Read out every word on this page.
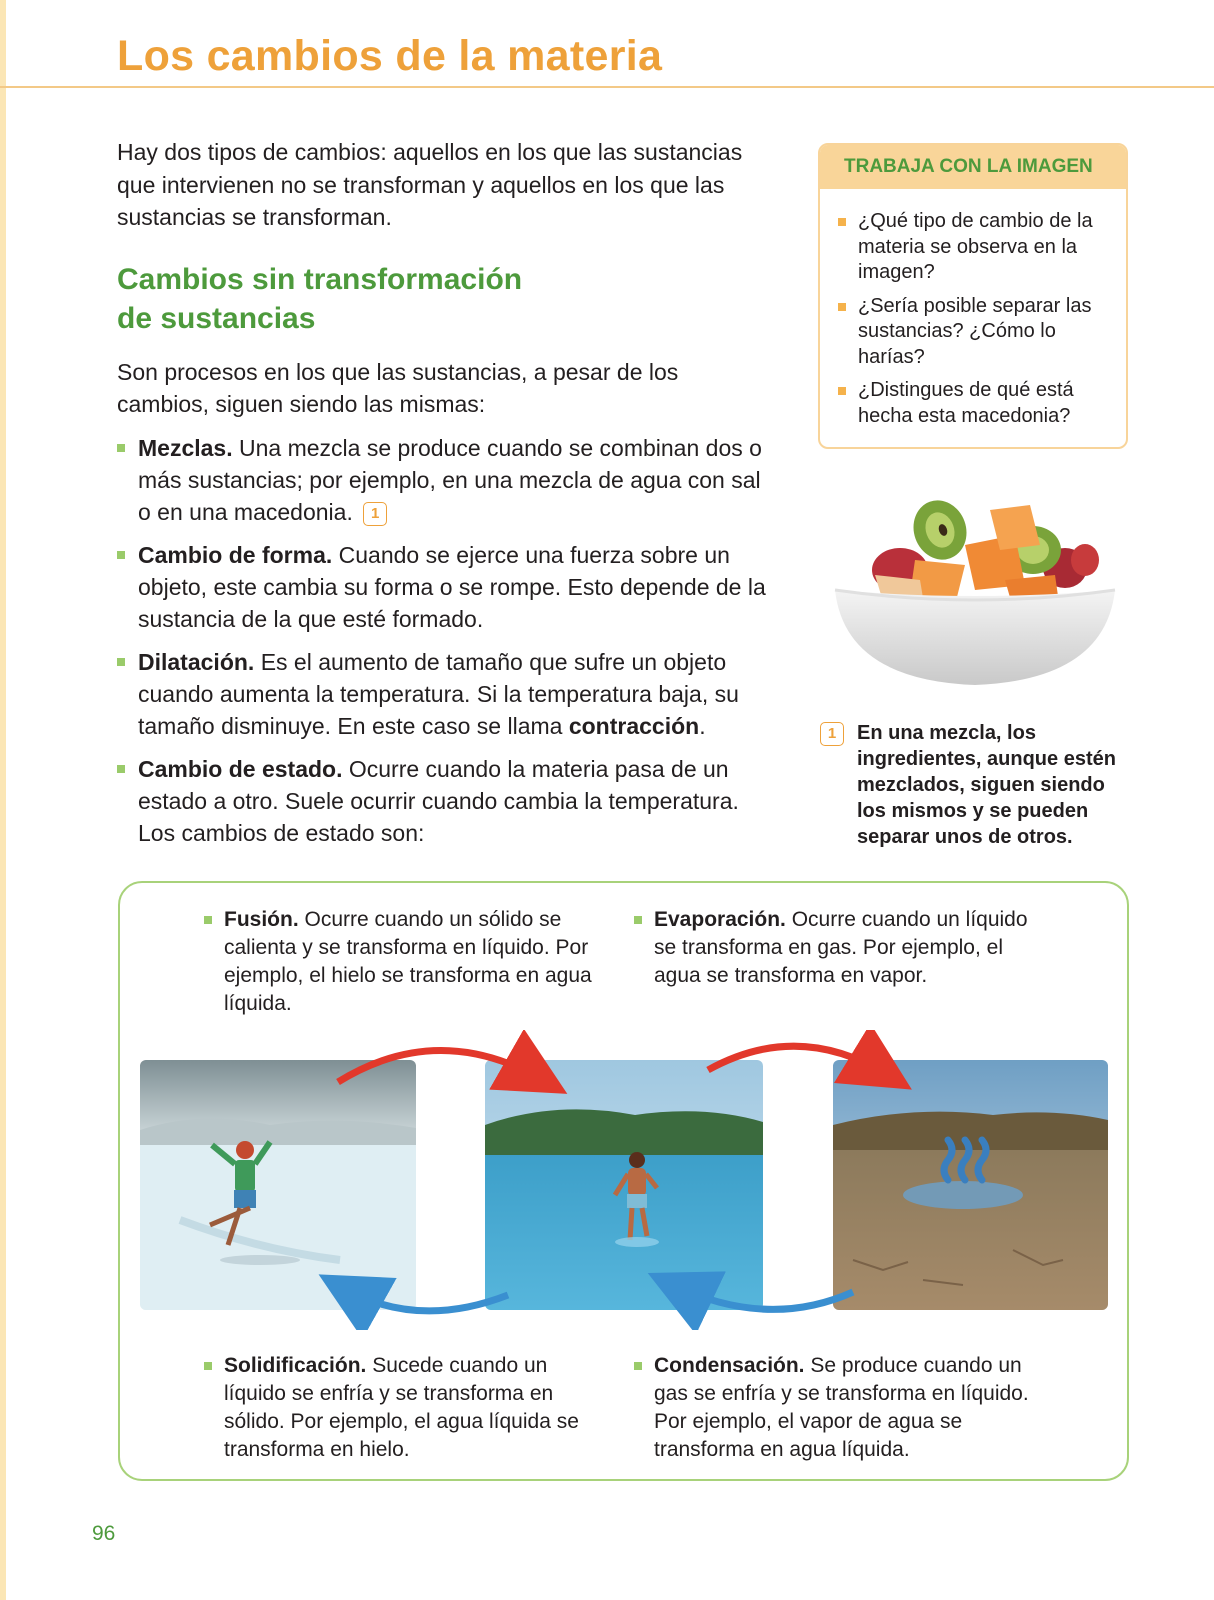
Los cambios de la materia

Hay dos tipos de cambios: aquellos en los que las sustancias que intervienen no se transforman y aquellos en los que las sustancias se transforman.

Cambios sin transformación
de sustancias

Son procesos en los que las sustancias, a pesar de los cambios, siguen siendo las mismas:

Mezclas. Una mezcla se produce cuando se combinan dos o más sustancias; por ejemplo, en una mezcla de agua con sal o en una macedonia. 1
Cambio de forma. Cuando se ejerce una fuerza sobre un objeto, este cambia su forma o se rompe. Esto depende de la sustancia de la que esté formado.
Dilatación. Es el aumento de tamaño que sufre un objeto cuando aumenta la temperatura. Si la temperatura baja, su tamaño disminuye. En este caso se llama contracción.
Cambio de estado. Ocurre cuando la materia pasa de un estado a otro. Suele ocurrir cuando cambia la temperatura. Los cambios de estado son:
TRABAJA CON LA IMAGEN
¿Qué tipo de cambio de la materia se observa en la imagen?
¿Sería posible separar las sustancias? ¿Cómo lo harías?
¿Distingues de qué está hecha esta macedonia?
1	En una mezcla, los ingredientes, aunque estén mezclados, siguen siendo los mismos y se pueden separar unos de otros.

Fusión. Ocurre cuando un sólido se calienta y se transforma en líquido. Por ejemplo, el hielo se transforma en agua líquida.

Evaporación. Ocurre cuando un líquido se transforma en gas. Por ejemplo, el agua se transforma en vapor.

Solidificación. Sucede cuando un líquido se enfría y se transforma en sólido. Por ejemplo, el agua líquida se transforma en hielo.

Condensación. Se produce cuando un gas se enfría y se transforma en líquido. Por ejemplo, el vapor de agua se transforma en agua líquida.

96
